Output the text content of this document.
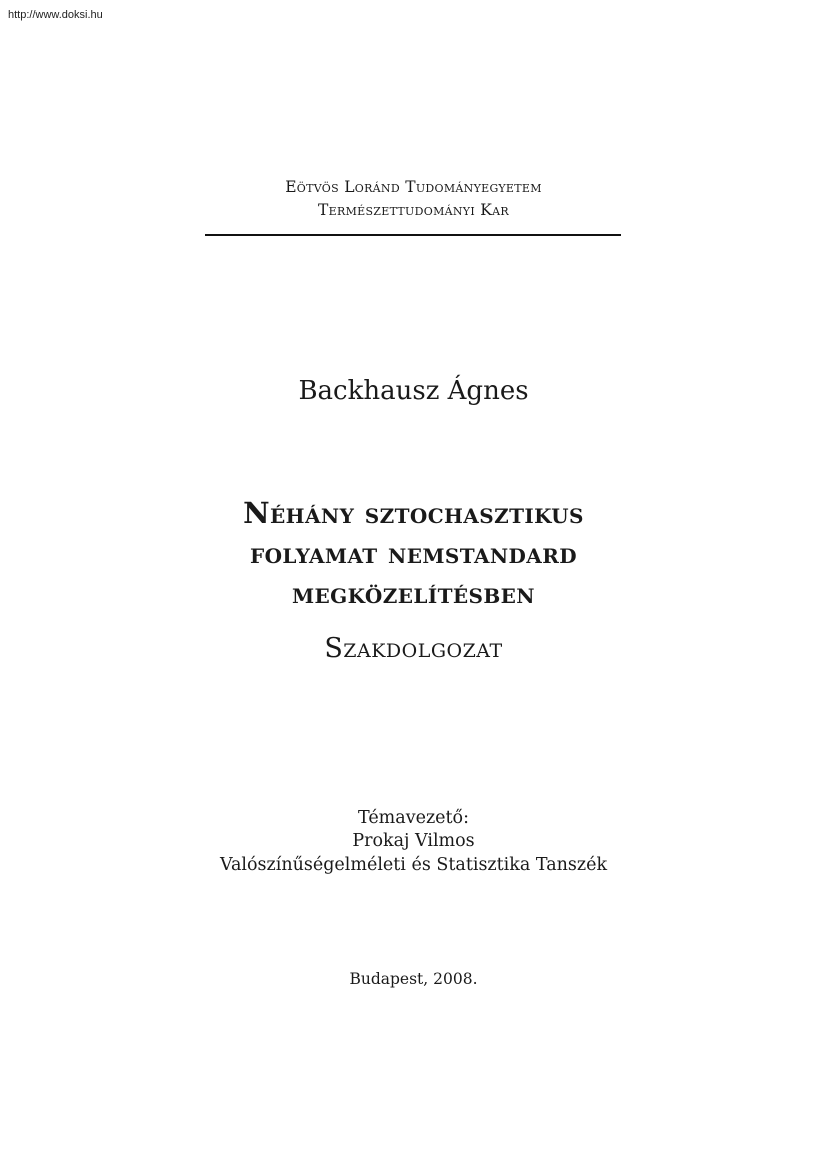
http://www.doksi.hu
Eötvös Loránd Tudományegyetem
Természettudományi Kar
Backhausz Ágnes
Néhány sztochasztikus
folyamat nemstandard
megközelítésben
Szakdolgozat
Témavezető:
Prokaj Vilmos
Valószínűségelméleti és Statisztika Tanszék
Budapest, 2008.
